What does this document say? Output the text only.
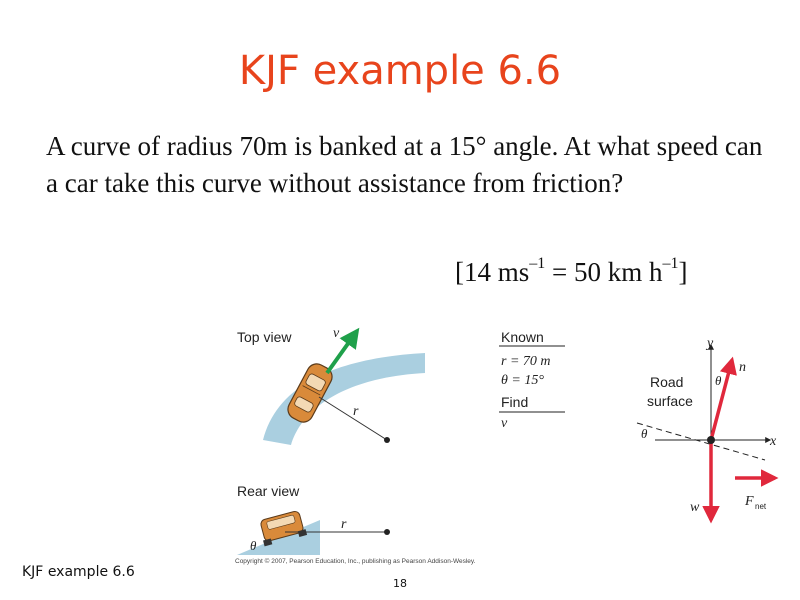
KJF example 6.6
A curve of radius 70m is banked at a 15° angle. At what speed can a car take this curve without assistance from friction?
[14 $ms^{-1} = 50$ km $h^{-1}$]
Top view	v
r
Rear view
r
θ
Known
r = 70 m
θ = 15°
Find
v
Road
surface
y
x
θ
n
θ
w	F net
Copyright © 2007, Pearson Education, Inc., publishing as Pearson Addison-Wesley.
KJF example 6.6
18
